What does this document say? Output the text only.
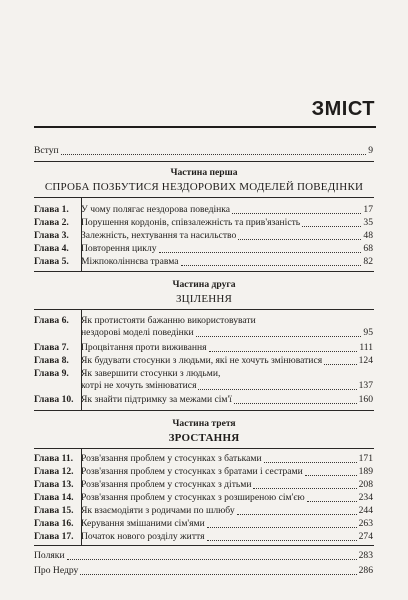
ЗМІСТ
Вступ	9
Частина перша
СПРОБА ПОЗБУТИСЯ НЕЗДОРОВИХ МОДЕЛЕЙ ПОВЕДІНКИ
Глава 1.	У чому полягає нездорова поведінка	17
Глава 2.	Порушення кордонів, співзалежність та прив'язаність	35
Глава 3.	Залежність, нехтування та насильство	48
Глава 4.	Повторення циклу	68
Глава 5.	Міжпоколіннєва травма	82
Частина друга
ЗЦІЛЕННЯ
Глава 6.	Як протистояти бажанню використовувати
нездорові моделі поведінки	95
Глава 7.	Процвітання проти виживання	111
Глава 8.	Як будувати стосунки з людьми, які не хочуть змінюватися	124
Глава 9.	Як завершити стосунки з людьми,
котрі не хочуть змінюватися	137
Глава 10. Як знайти підтримку за межами сім'ї	160
Частина третя
ЗРОСТАННЯ
Глава 11. Розв'язання проблем у стосунках з батьками	171
Глава 12. Розв'язання проблем у стосунках з братами і сестрами	189
Глава 13. Розв'язання проблем у стосунках з дітьми	208
Глава 14. Розв'язання проблем у стосунках з розширеною сім'єю	234
Глава 15. Як взаємодіяти з родичами по шлюбу	244
Глава 16. Керування змішаними сім'ями	263
Глава 17. Початок нового розділу життя	274
Поляки	283
Про Недру	286
